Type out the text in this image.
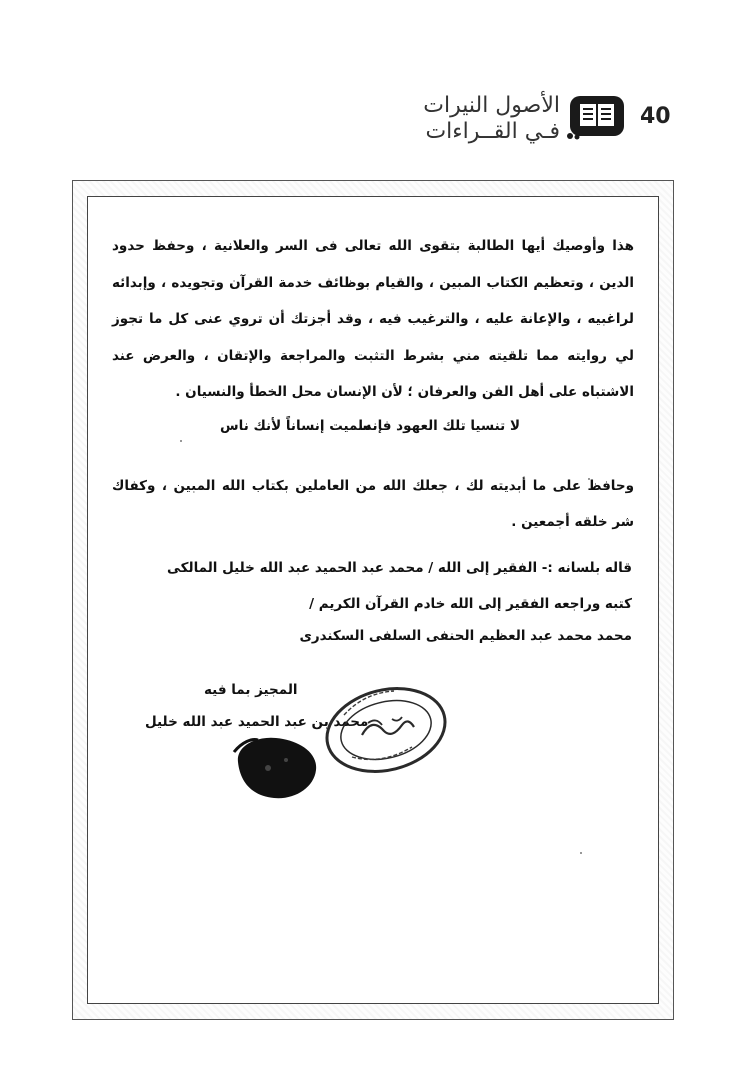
40
الأصول النيرات
فـي القــراءات

هذا وأوصيك أيها الطالبة بتقوى الله تعالى فى السر والعلانية ، وحفظ حدود الدين ، وتعظيم الكتاب المبين ، والقيام بوظائف خدمة القرآن وتجويده ، وإبدائه لراغبيه ، والإعانة عليه ، والترغيب فيه ، وقد أجزتك أن تروي عنى كل ما تجوز لي روايته مما تلقيته مني بشرط التثبت والمراجعة والإتقان ، والعرض عند الاشتباه على أهل الفن والعرفان ؛ لأن الإنسان محل الخطأ والنسيان .

لا تنسيا تلك العهود فإنما
سميت إنساناً لأنك ناس
وحافظ على ما أبديته لك ، جعلك الله من العاملين بكتاب الله المبين ، وكفاك شر خلقه أجمعين .
قاله بلسانه :- الفقير إلى الله / محمد عبد الحميد عبد الله خليل المالكى
كتبه وراجعه الفقير إلى الله خادم القرآن الكريم /
محمد محمد عبد العظيم الحنفى السلفى السكندرى
المجيز بما فيه
محمد بن عبد الحميد عبد الله خليل
